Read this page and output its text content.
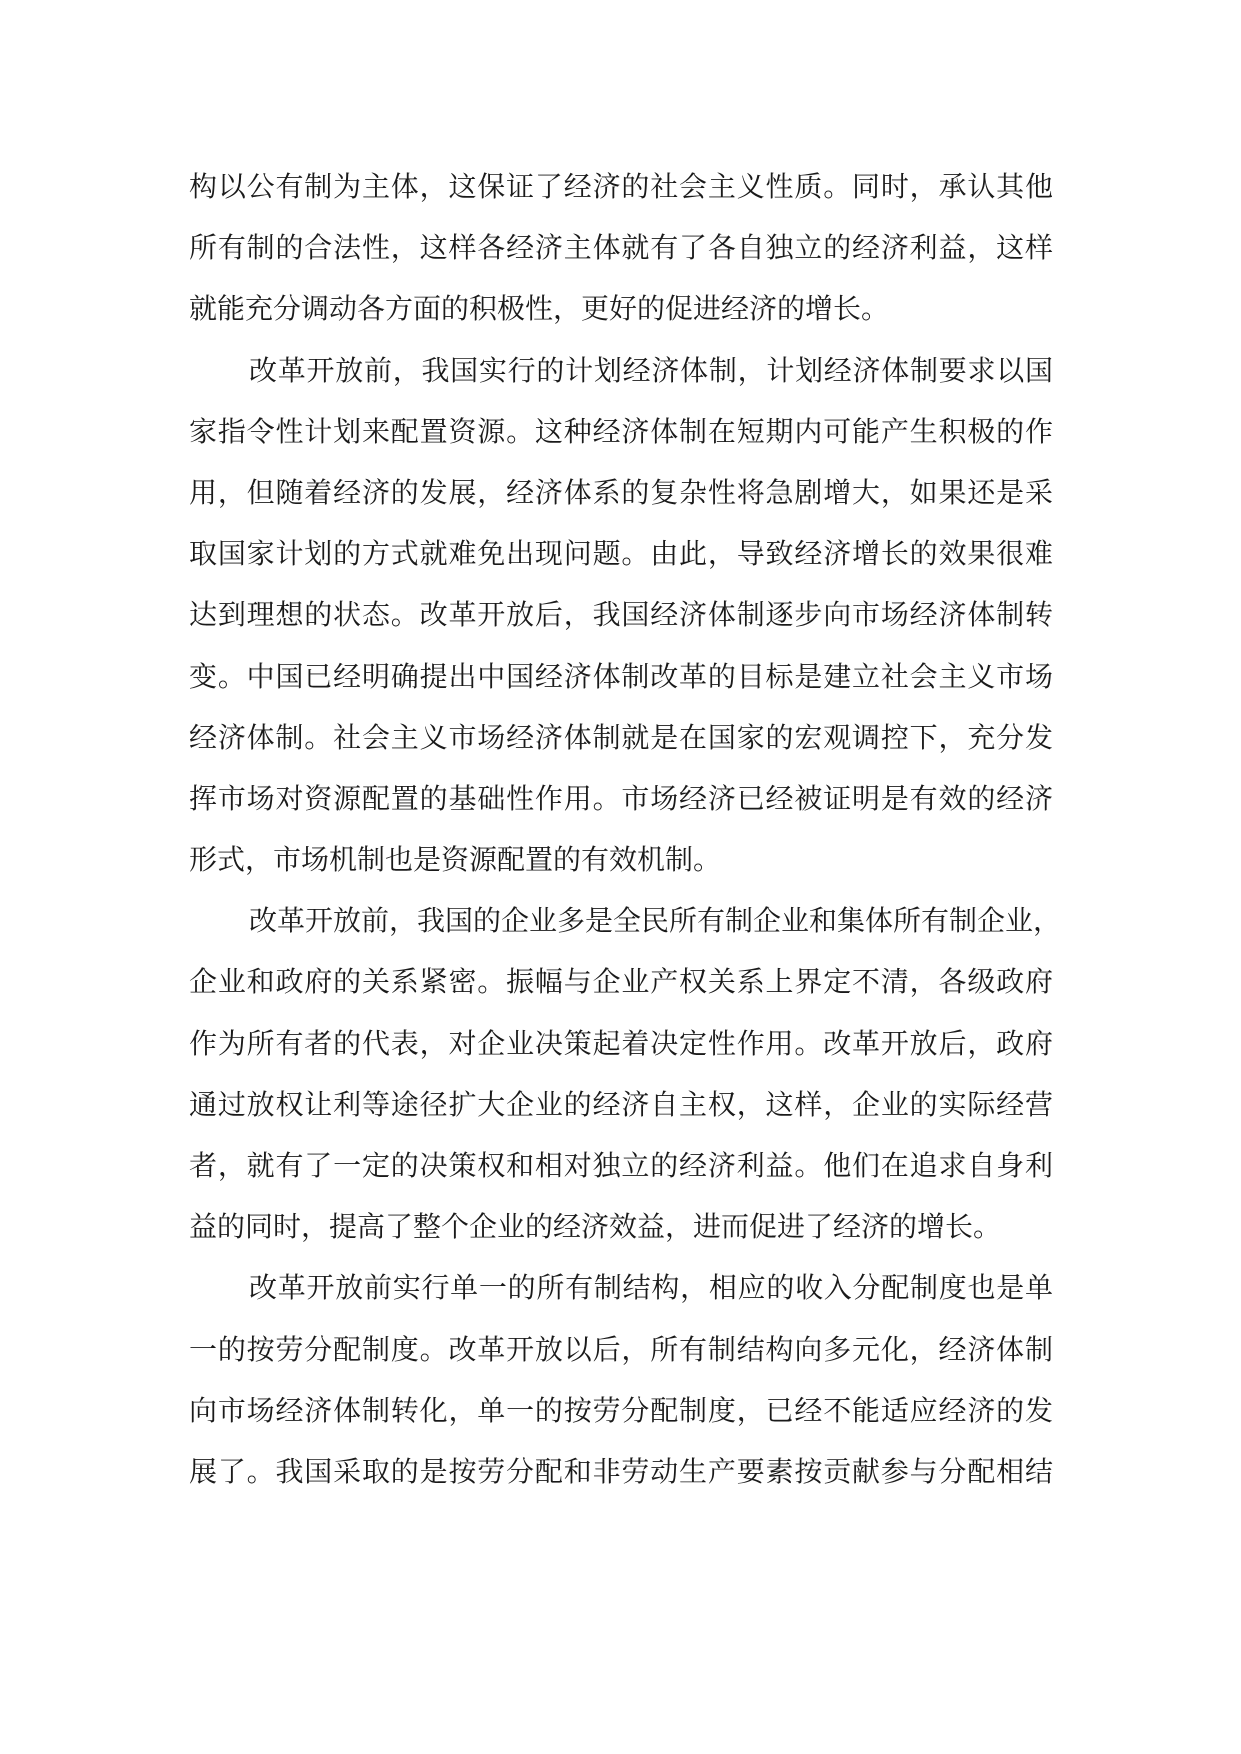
构以公有制为主体，这保证了经济的社会主义性质。同时，承认其他
所有制的合法性，这样各经济主体就有了各自独立的经济利益，这样
就能充分调动各方面的积极性，更好的促进经济的增长。
改革开放前，我国实行的计划经济体制，计划经济体制要求以国
家指令性计划来配置资源。这种经济体制在短期内可能产生积极的作
用，但随着经济的发展，经济体系的复杂性将急剧增大，如果还是采
取国家计划的方式就难免出现问题。由此，导致经济增长的效果很难
达到理想的状态。改革开放后，我国经济体制逐步向市场经济体制转
变。中国已经明确提出中国经济体制改革的目标是建立社会主义市场
经济体制。社会主义市场经济体制就是在国家的宏观调控下，充分发
挥市场对资源配置的基础性作用。市场经济已经被证明是有效的经济
形式，市场机制也是资源配置的有效机制。
改革开放前，我国的企业多是全民所有制企业和集体所有制企业，
企业和政府的关系紧密。振幅与企业产权关系上界定不清，各级政府
作为所有者的代表，对企业决策起着决定性作用。改革开放后，政府
通过放权让利等途径扩大企业的经济自主权，这样，企业的实际经营
者，就有了一定的决策权和相对独立的经济利益。他们在追求自身利
益的同时，提高了整个企业的经济效益，进而促进了经济的增长。
改革开放前实行单一的所有制结构，相应的收入分配制度也是单
一的按劳分配制度。改革开放以后，所有制结构向多元化，经济体制
向市场经济体制转化，单一的按劳分配制度，已经不能适应经济的发
展了。我国采取的是按劳分配和非劳动生产要素按贡献参与分配相结
